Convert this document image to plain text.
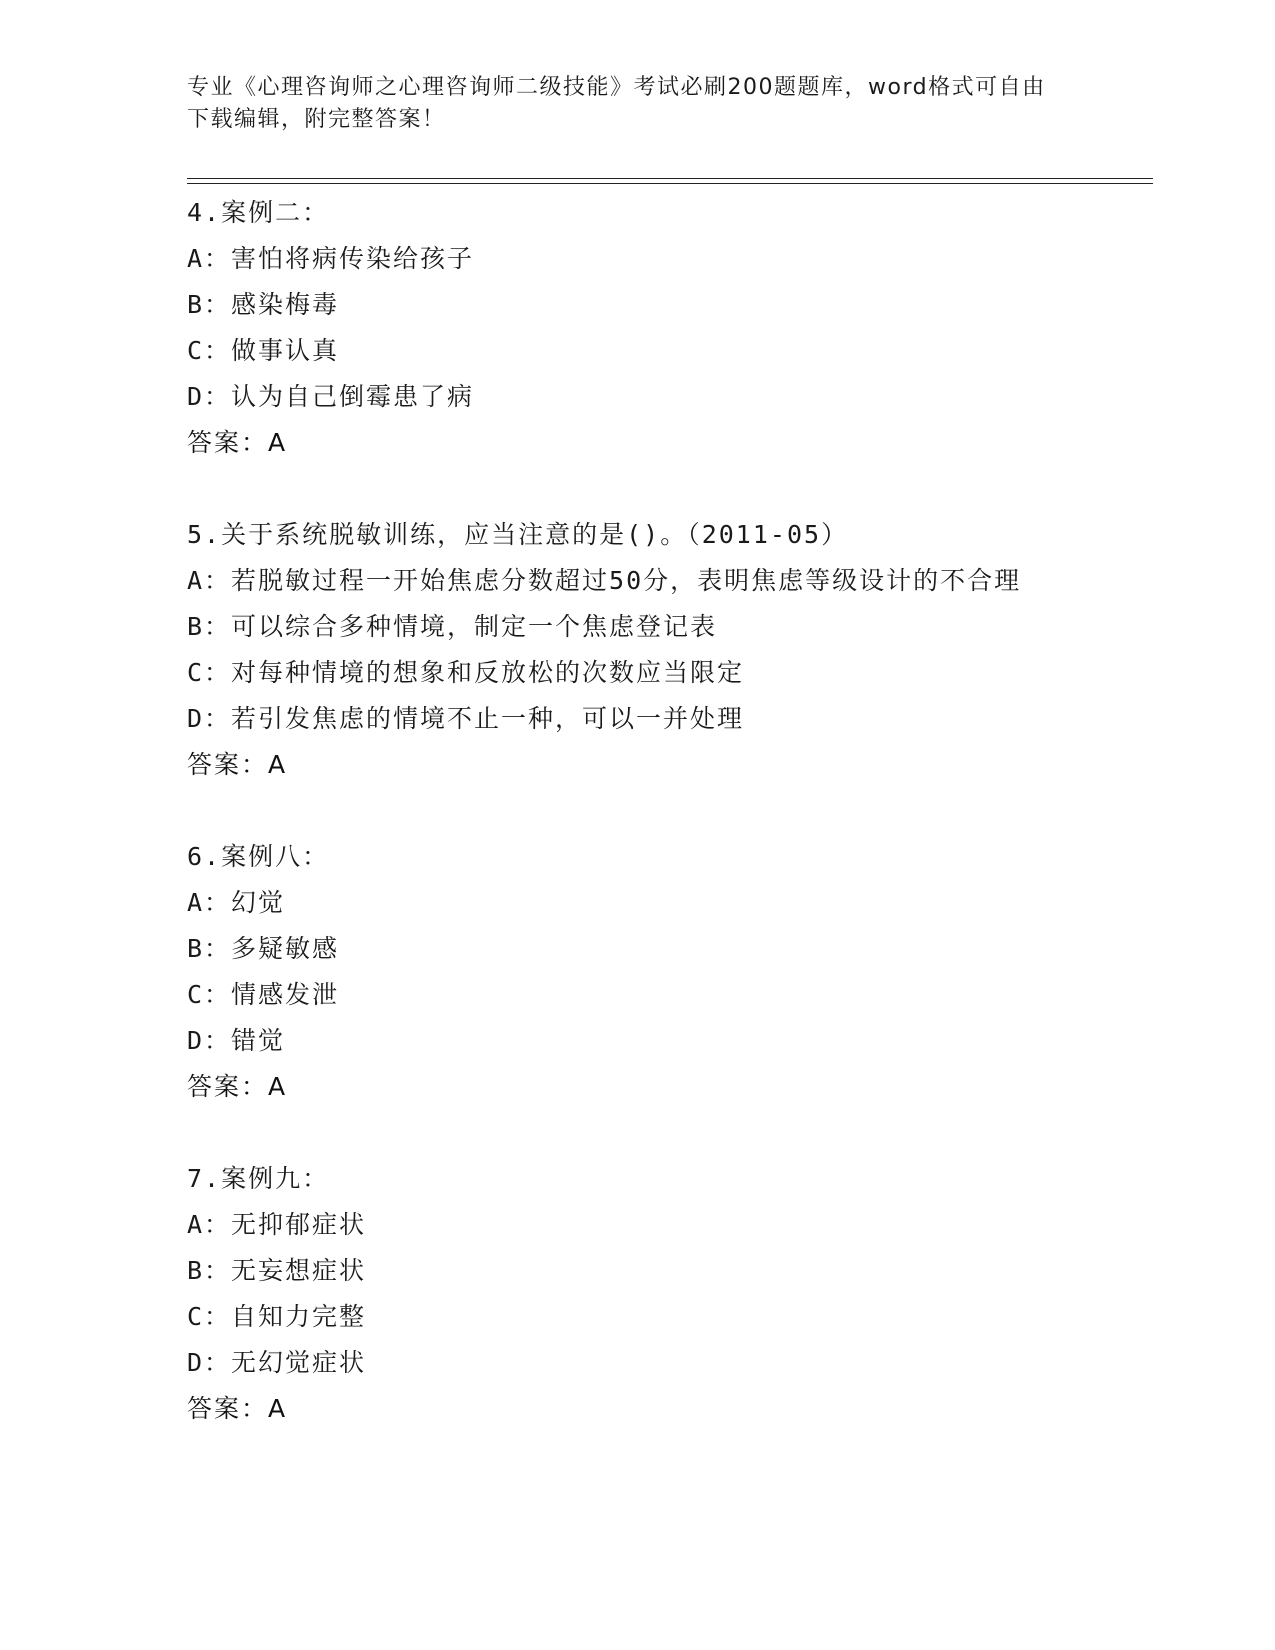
专业《心理咨询师之心理咨询师二级技能》考试必刷200题题库，word格式可自由下载编辑，附完整答案！
4.案例二：
A：害怕将病传染给孩子
B：感染梅毒
C：做事认真
D：认为自己倒霉患了病
答案：A
5.关于系统脱敏训练，应当注意的是()。（2011-05）
A：若脱敏过程一开始焦虑分数超过50分，表明焦虑等级设计的不合理
B：可以综合多种情境，制定一个焦虑登记表
C：对每种情境的想象和反放松的次数应当限定
D：若引发焦虑的情境不止一种，可以一并处理
答案：A
6.案例八：
A：幻觉
B：多疑敏感
C：情感发泄
D：错觉
答案：A
7.案例九：
A：无抑郁症状
B：无妄想症状
C：自知力完整
D：无幻觉症状
答案：A
